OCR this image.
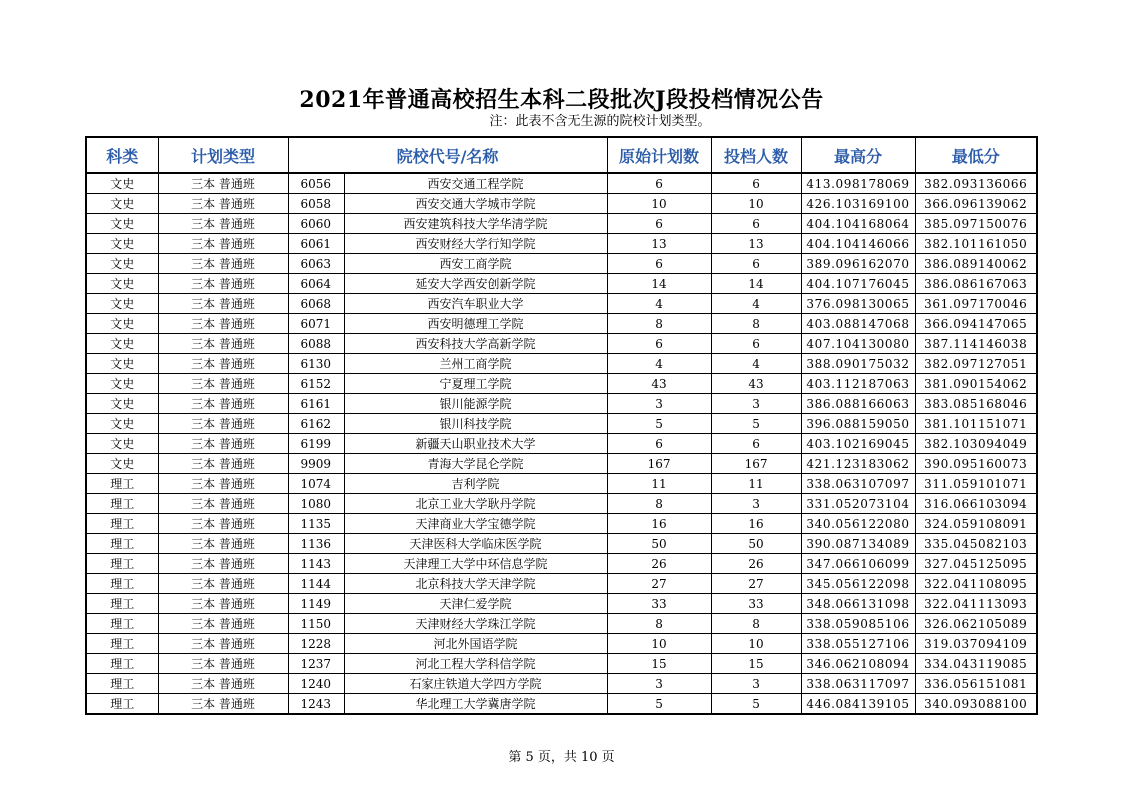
2021年普通高校招生本科二段批次J段投档情况公告
注：此表不含无生源的院校计划类型。
科类	计划类型	院校代号/名称		原始计划数	投档人数	最高分	最低分
文史	三本 普通班	6056	西安交通工程学院	6	6	413.098178069	382.093136066
文史	三本 普通班	6058	西安交通大学城市学院	10	10	426.103169100	366.096139062
文史	三本 普通班	6060	西安建筑科技大学华清学院	6	6	404.104168064	385.097150076
文史	三本 普通班	6061	西安财经大学行知学院	13	13	404.104146066	382.101161050
文史	三本 普通班	6063	西安工商学院	6	6	389.096162070	386.089140062
文史	三本 普通班	6064	延安大学西安创新学院	14	14	404.107176045	386.086167063
文史	三本 普通班	6068	西安汽车职业大学	4	4	376.098130065	361.097170046
文史	三本 普通班	6071	西安明德理工学院	8	8	403.088147068	366.094147065
文史	三本 普通班	6088	西安科技大学高新学院	6	6	407.104130080	387.114146038
文史	三本 普通班	6130	兰州工商学院	4	4	388.090175032	382.097127051
文史	三本 普通班	6152	宁夏理工学院	43	43	403.112187063	381.090154062
文史	三本 普通班	6161	银川能源学院	3	3	386.088166063	383.085168046
文史	三本 普通班	6162	银川科技学院	5	5	396.088159050	381.101151071
文史	三本 普通班	6199	新疆天山职业技术大学	6	6	403.102169045	382.103094049
文史	三本 普通班	9909	青海大学昆仑学院	167	167	421.123183062	390.095160073
理工	三本 普通班	1074	吉利学院	11	11	338.063107097	311.059101071
理工	三本 普通班	1080	北京工业大学耿丹学院	8	3	331.052073104	316.066103094
理工	三本 普通班	1135	天津商业大学宝德学院	16	16	340.056122080	324.059108091
理工	三本 普通班	1136	天津医科大学临床医学院	50	50	390.087134089	335.045082103
理工	三本 普通班	1143	天津理工大学中环信息学院	26	26	347.066106099	327.045125095
理工	三本 普通班	1144	北京科技大学天津学院	27	27	345.056122098	322.041108095
理工	三本 普通班	1149	天津仁爱学院	33	33	348.066131098	322.041113093
理工	三本 普通班	1150	天津财经大学珠江学院	8	8	338.059085106	326.062105089
理工	三本 普通班	1228	河北外国语学院	10	10	338.055127106	319.037094109
理工	三本 普通班	1237	河北工程大学科信学院	15	15	346.062108094	334.043119085
理工	三本 普通班	1240	石家庄铁道大学四方学院	3	3	338.063117097	336.056151081
理工	三本 普通班	1243	华北理工大学冀唐学院	5	5	446.084139105	340.093088100
第 5 页，共 10 页
